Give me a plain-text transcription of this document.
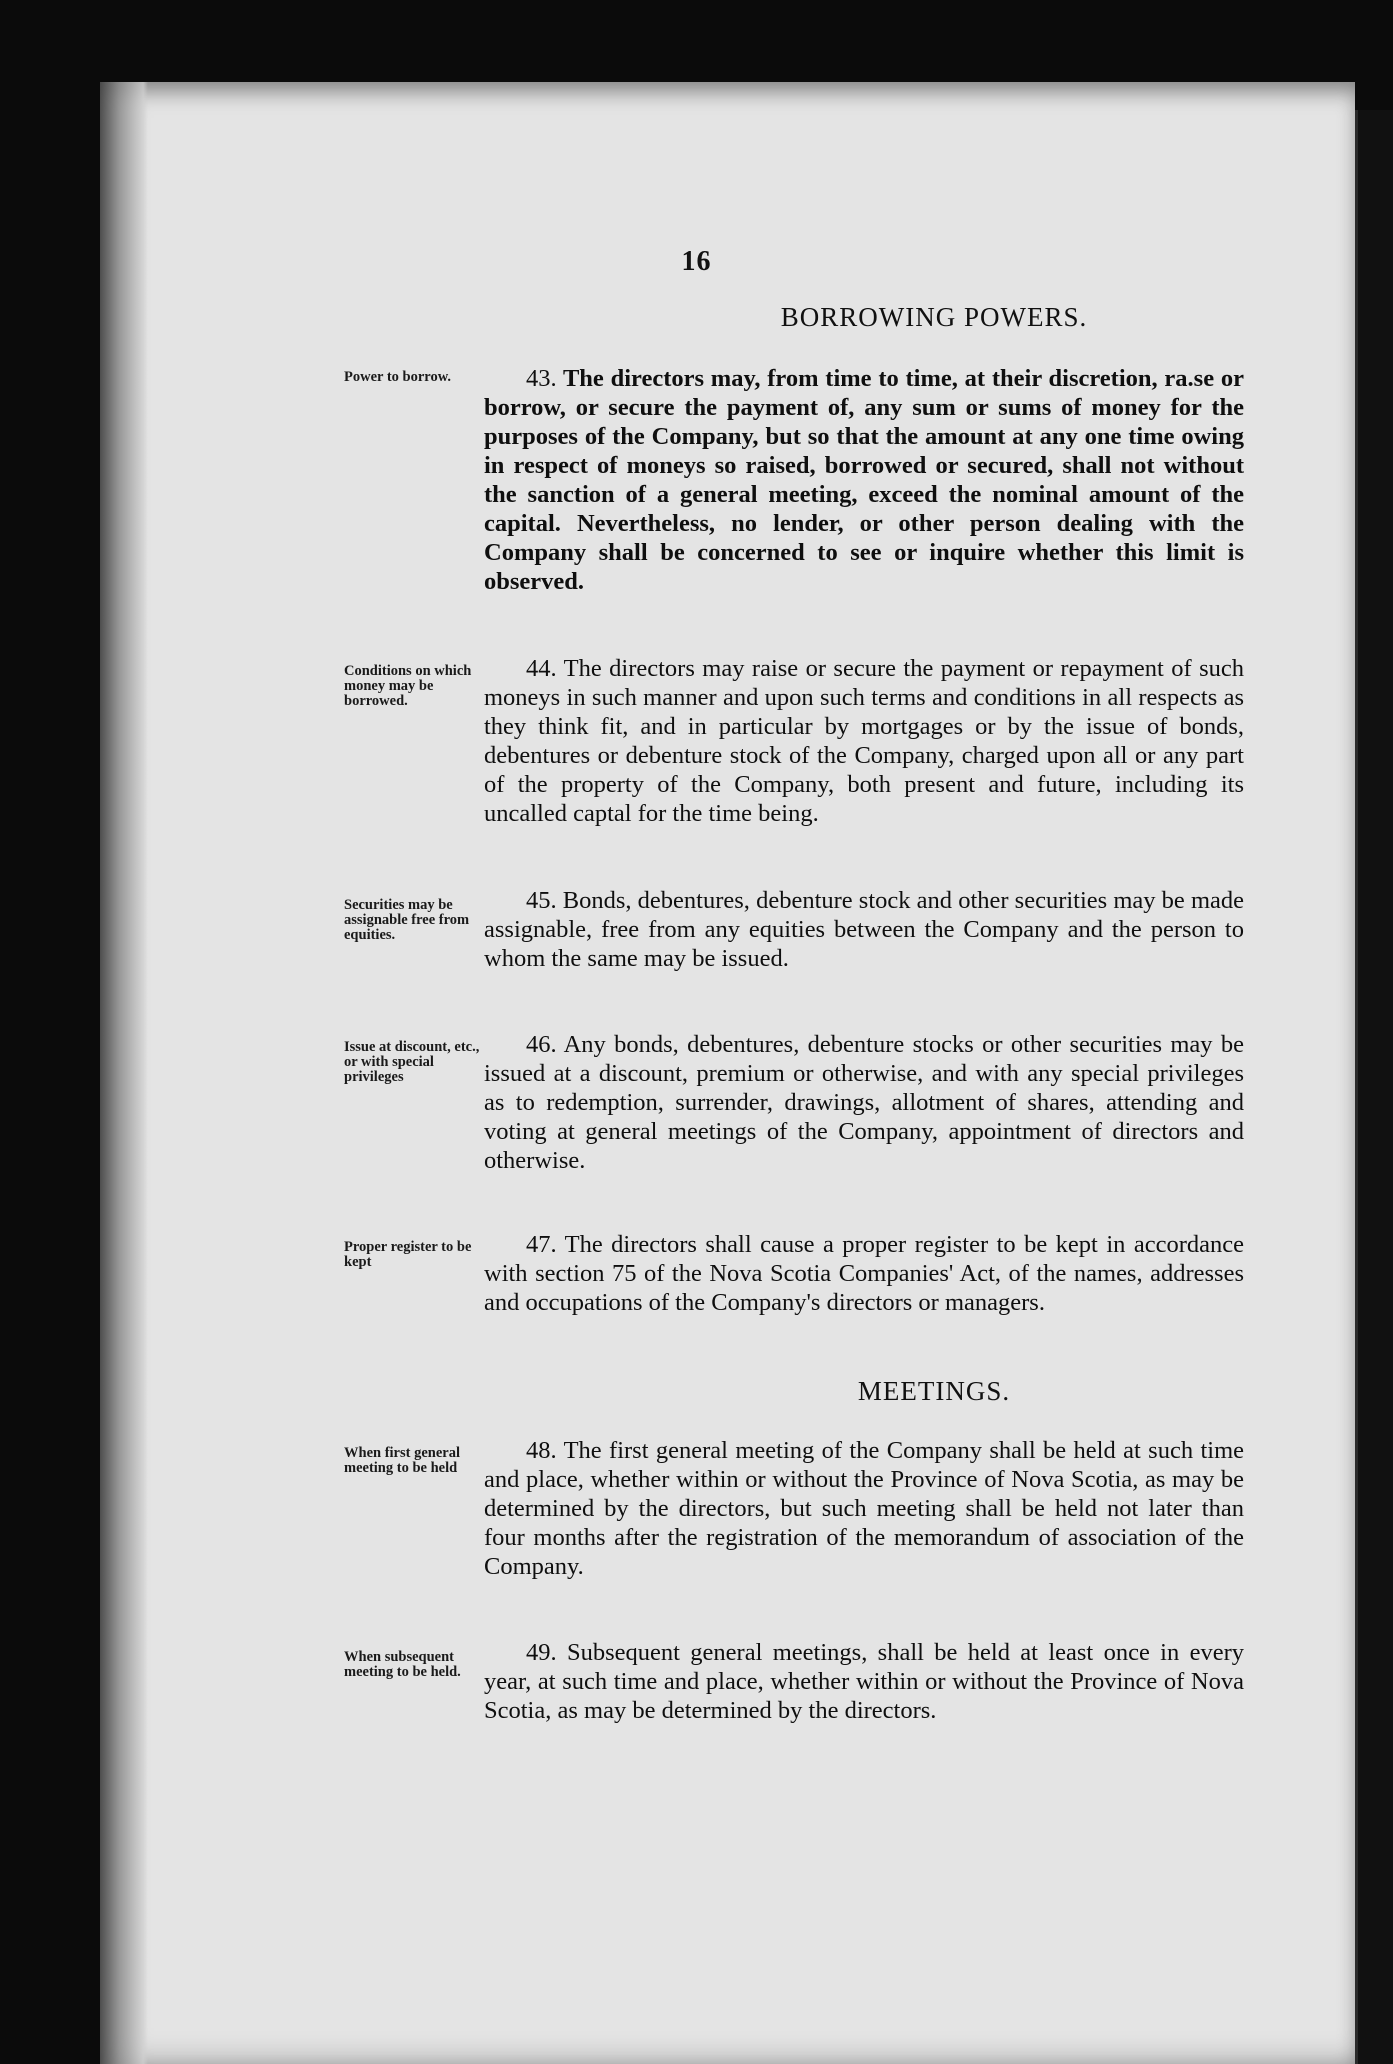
16
BORROWING POWERS.
Power to borrow.	43. The directors may, from time to time, at their discretion, ra.se or borrow, or secure the payment of, any sum or sums of money for the purposes of the Company, but so that the amount at any one time owing in respect of moneys so raised, borrowed or secured, shall not without the sanction of a general meeting, exceed the nominal amount of the capital. Nevertheless, no lender, or other person dealing with the Company shall be concerned to see or inquire whether this limit is observed.
Conditions on which money may be borrowed.
44. The directors may raise or secure the payment or repayment of such moneys in such manner and upon such terms and conditions in all respects as they think fit, and in particular by mortgages or by the issue of bonds, debentures or debenture stock of the Company, charged upon all or any part of the property of the Company, both present and future, including its uncalled captal for the time being.
Securities may be assignable free from equities.
45. Bonds, debentures, debenture stock and other securities may be made assignable, free from any equities between the Company and the person to whom the same may be issued.
Issue at discount, etc., or with special privileges
46. Any bonds, debentures, debenture stocks or other securities may be issued at a discount, premium or otherwise, and with any special privileges as to redemption, surrender, drawings, allotment of shares, attending and voting at general meetings of the Company, appointment of directors and otherwise.
Proper register to be kept
47. The directors shall cause a proper register to be kept in accordance with section 75 of the Nova Scotia Companies' Act, of the names, addresses and occupations of the Company's directors or managers.
MEETINGS.
When first general meeting to be held
48. The first general meeting of the Company shall be held at such time and place, whether within or without the Province of Nova Scotia, as may be determined by the directors, but such meeting shall be held not later than four months after the registration of the memorandum of association of the Company.
When subsequent meeting to be held.
49. Subsequent general meetings, shall be held at least once in every year, at such time and place, whether within or without the Province of Nova Scotia, as may be determined by the directors.
